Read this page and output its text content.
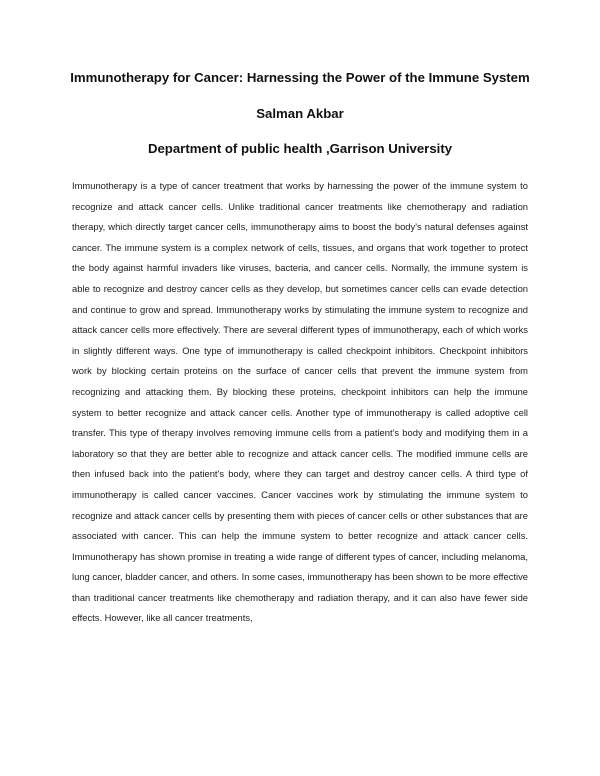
Immunotherapy for Cancer: Harnessing the Power of the Immune System
Salman Akbar
Department of public health ,Garrison University

Immunotherapy is a type of cancer treatment that works by harnessing the power of the immune system to recognize and attack cancer cells. Unlike traditional cancer treatments like chemotherapy and radiation therapy, which directly target cancer cells, immunotherapy aims to boost the body's natural defenses against cancer. The immune system is a complex network of cells, tissues, and organs that work together to protect the body against harmful invaders like viruses, bacteria, and cancer cells. Normally, the immune system is able to recognize and destroy cancer cells as they develop, but sometimes cancer cells can evade detection and continue to grow and spread. Immunotherapy works by stimulating the immune system to recognize and attack cancer cells more effectively. There are several different types of immunotherapy, each of which works in slightly different ways. One type of immunotherapy is called checkpoint inhibitors. Checkpoint inhibitors work by blocking certain proteins on the surface of cancer cells that prevent the immune system from recognizing and attacking them. By blocking these proteins, checkpoint inhibitors can help the immune system to better recognize and attack cancer cells. Another type of immunotherapy is called adoptive cell transfer. This type of therapy involves removing immune cells from a patient's body and modifying them in a laboratory so that they are better able to recognize and attack cancer cells. The modified immune cells are then infused back into the patient's body, where they can target and destroy cancer cells. A third type of immunotherapy is called cancer vaccines. Cancer vaccines work by stimulating the immune system to recognize and attack cancer cells by presenting them with pieces of cancer cells or other substances that are associated with cancer. This can help the immune system to better recognize and attack cancer cells. Immunotherapy has shown promise in treating a wide range of different types of cancer, including melanoma, lung cancer, bladder cancer, and others. In some cases, immunotherapy has been shown to be more effective than traditional cancer treatments like chemotherapy and radiation therapy, and it can also have fewer side effects. However, like all cancer treatments,
